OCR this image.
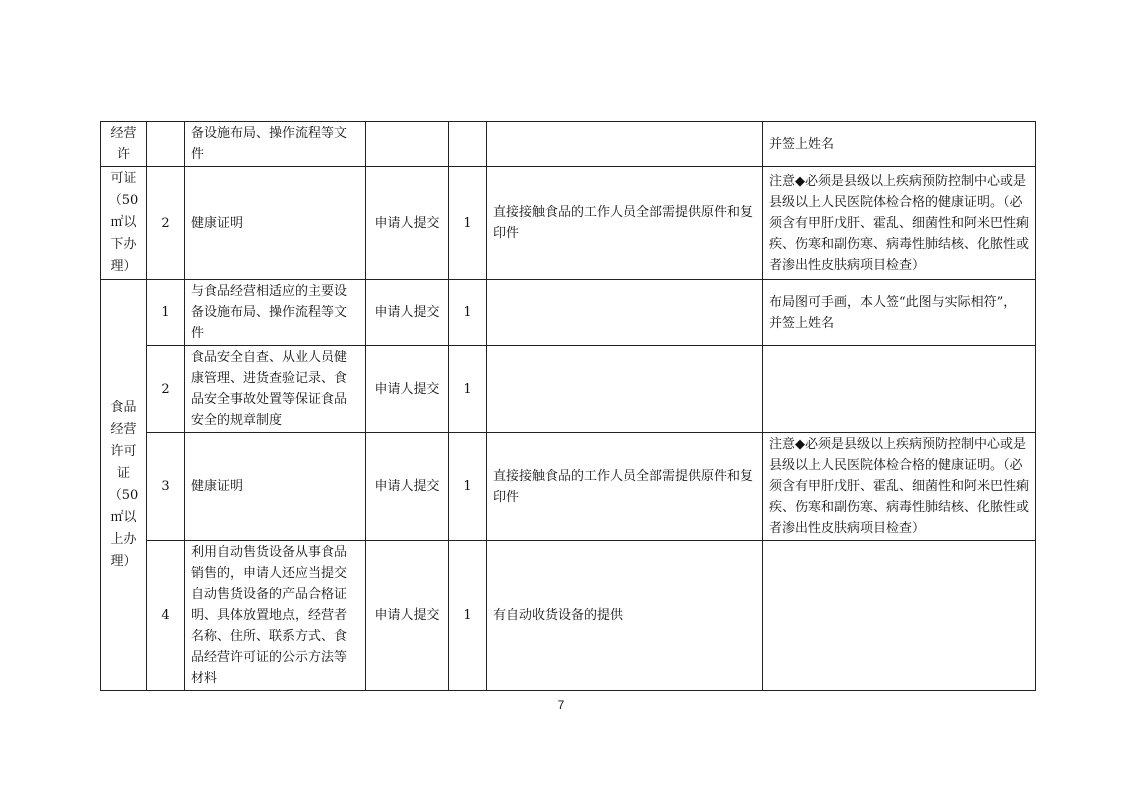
经营许		备设施布局、操作流程等文件				并签上姓名
可证（50㎡以下办理）	2	健康证明	申请人提交	1	直接接触食品的工作人员全部需提供原件和复印件	注意◆必须是县级以上疾病预防控制中心或是县级以上人民医院体检合格的健康证明。（必须含有甲肝戊肝、霍乱、细菌性和阿米巴性痢疾、伤寒和副伤寒、病毒性肺结核、化脓性或者渗出性皮肤病项目检查）
食品经营许可证（50㎡以上办理）	1	与食品经营相适应的主要设备设施布局、操作流程等文件	申请人提交	1		布局图可手画，本人签“此图与实际相符”，并签上姓名
	2	食品安全自查、从业人员健康管理、进货查验记录、食品安全事故处置等保证食品安全的规章制度	申请人提交	1		
	3	健康证明	申请人提交	1	直接接触食品的工作人员全部需提供原件和复印件	注意◆必须是县级以上疾病预防控制中心或是县级以上人民医院体检合格的健康证明。（必须含有甲肝戊肝、霍乱、细菌性和阿米巴性痢疾、伤寒和副伤寒、病毒性肺结核、化脓性或者渗出性皮肤病项目检查）
	4	利用自动售货设备从事食品销售的，申请人还应当提交自动售货设备的产品合格证明、具体放置地点，经营者名称、住所、联系方式、食品经营许可证的公示方法等材料	申请人提交	1	有自动收货设备的提供	
7
